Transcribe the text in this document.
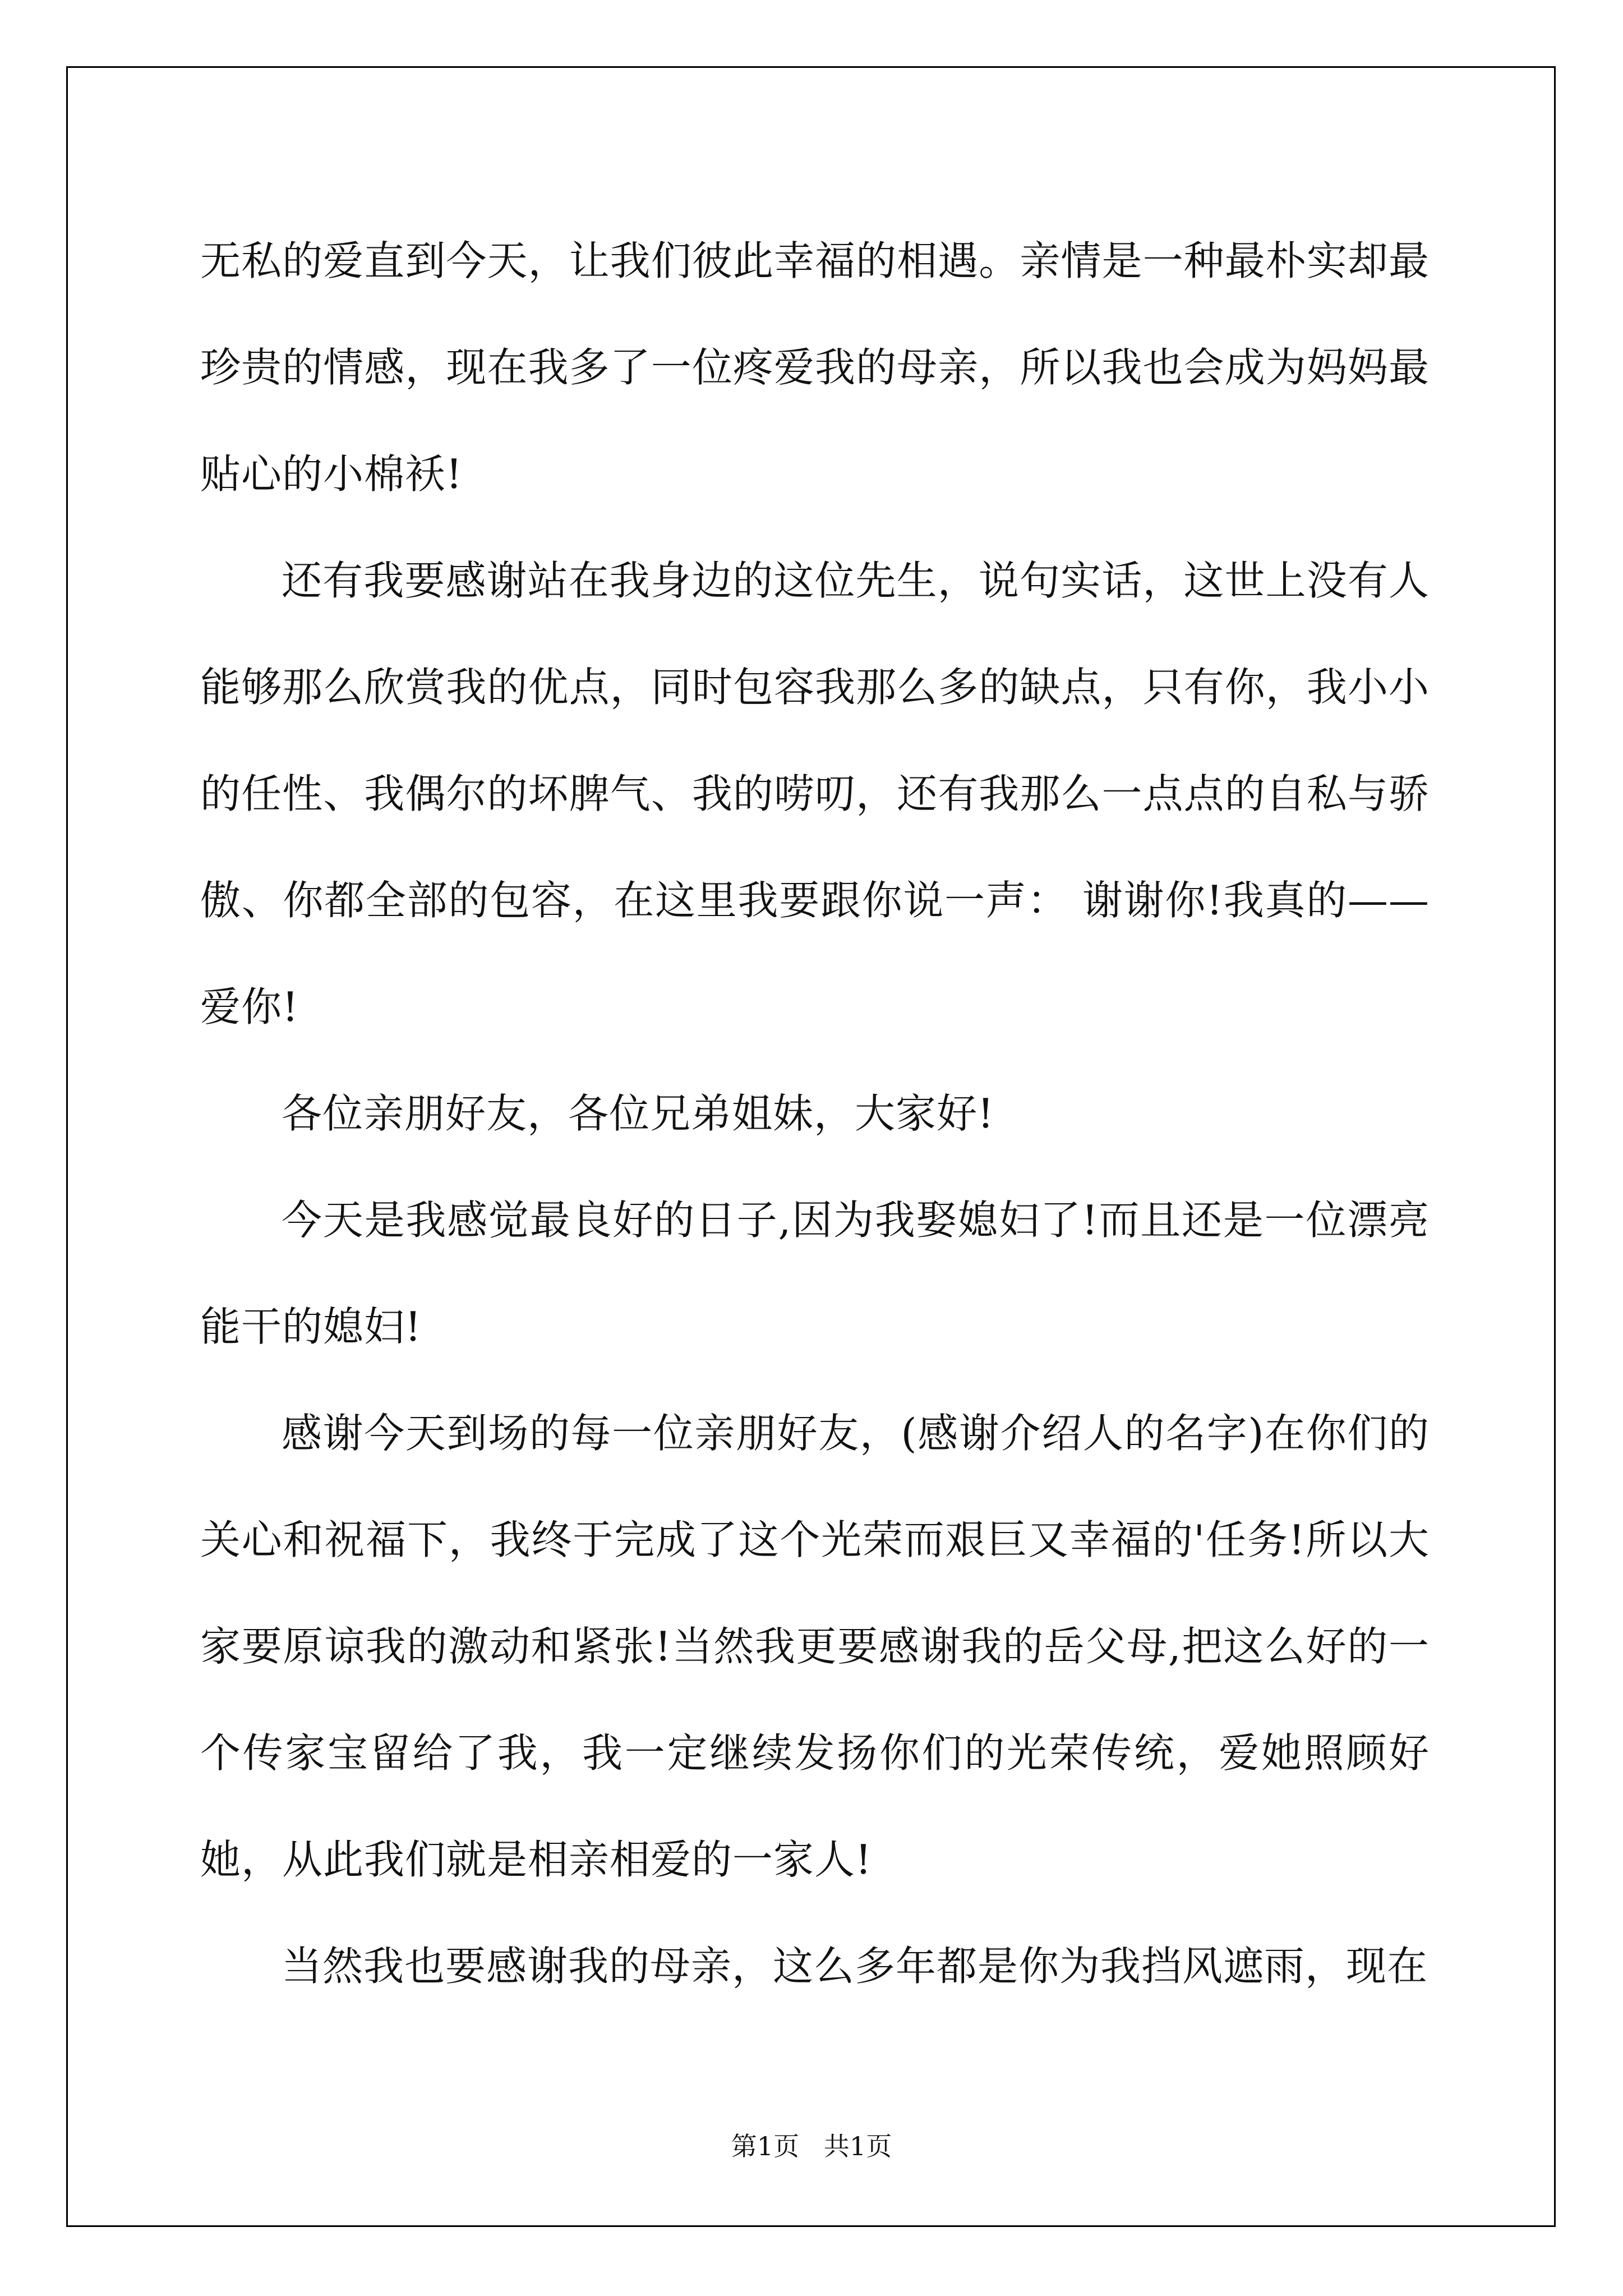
无私的爱直到今天，让我们彼此幸福的相遇。亲情是一种最朴实却最珍贵的情感，现在我多了一位疼爱我的母亲，所以我也会成为妈妈最贴心的小棉袄!

还有我要感谢站在我身边的这位先生，说句实话，这世上没有人能够那么欣赏我的优点，同时包容我那么多的缺点，只有你，我小小的任性、我偶尔的坏脾气、我的唠叨，还有我那么一点点的自私与骄傲、你都全部的包容，在这里我要跟你说一声： 谢谢你!我真的——爱你!

各位亲朋好友，各位兄弟姐妹，大家好!

今天是我感觉最良好的日子,因为我娶媳妇了!而且还是一位漂亮能干的媳妇!

感谢今天到场的每一位亲朋好友，(感谢介绍人的名字)在你们的关心和祝福下，我终于完成了这个光荣而艰巨又幸福的'任务!所以大家要原谅我的激动和紧张!当然我更要感谢我的岳父母,把这么好的一个传家宝留给了我，我一定继续发扬你们的光荣传统，爱她照顾好她，从此我们就是相亲相爱的一家人!

当然我也要感谢我的母亲，这么多年都是你为我挡风遮雨，现在

第1页   共1页
